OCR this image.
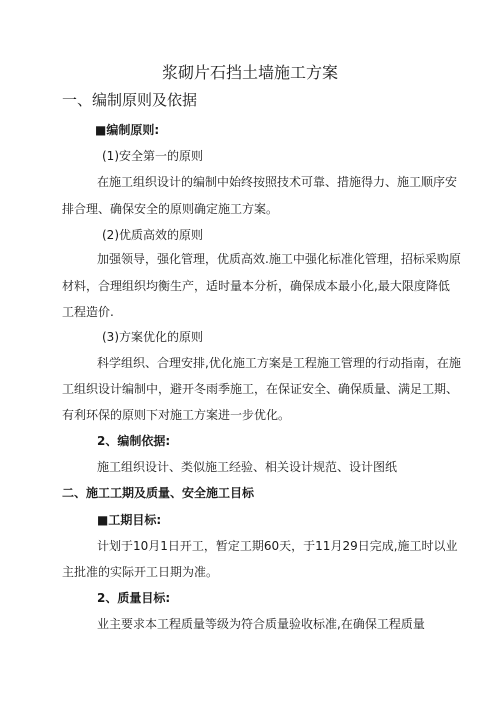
浆砌片石挡土墙施工方案
一、编制原则及依据
■编制原则:
(1)安全第一的原则
在施工组织设计的编制中始终按照技术可靠、措施得力、施工顺序安
排合理、确保安全的原则确定施工方案。
(2)优质高效的原则
加强领导，强化管理，优质高效.施工中强化标准化管理，招标采购原
材料，合理组织均衡生产，适时量本分析，确保成本最小化,最大限度降低
工程造价.
(3)方案优化的原则
科学组织、合理安排,优化施工方案是工程施工管理的行动指南，在施
工组织设计编制中，避开冬雨季施工，在保证安全、确保质量、满足工期、
有利环保的原则下对施工方案进一步优化。
2、编制依据:
施工组织设计、类似施工经验、相关设计规范、设计图纸
二、施工工期及质量、安全施工目标
■工期目标:
计划于10月1日开工，暂定工期60天，于11月29日完成,施工时以业
主批准的实际开工日期为准。
2、质量目标:
业主要求本工程质量等级为符合质量验收标准,在确保工程质量
